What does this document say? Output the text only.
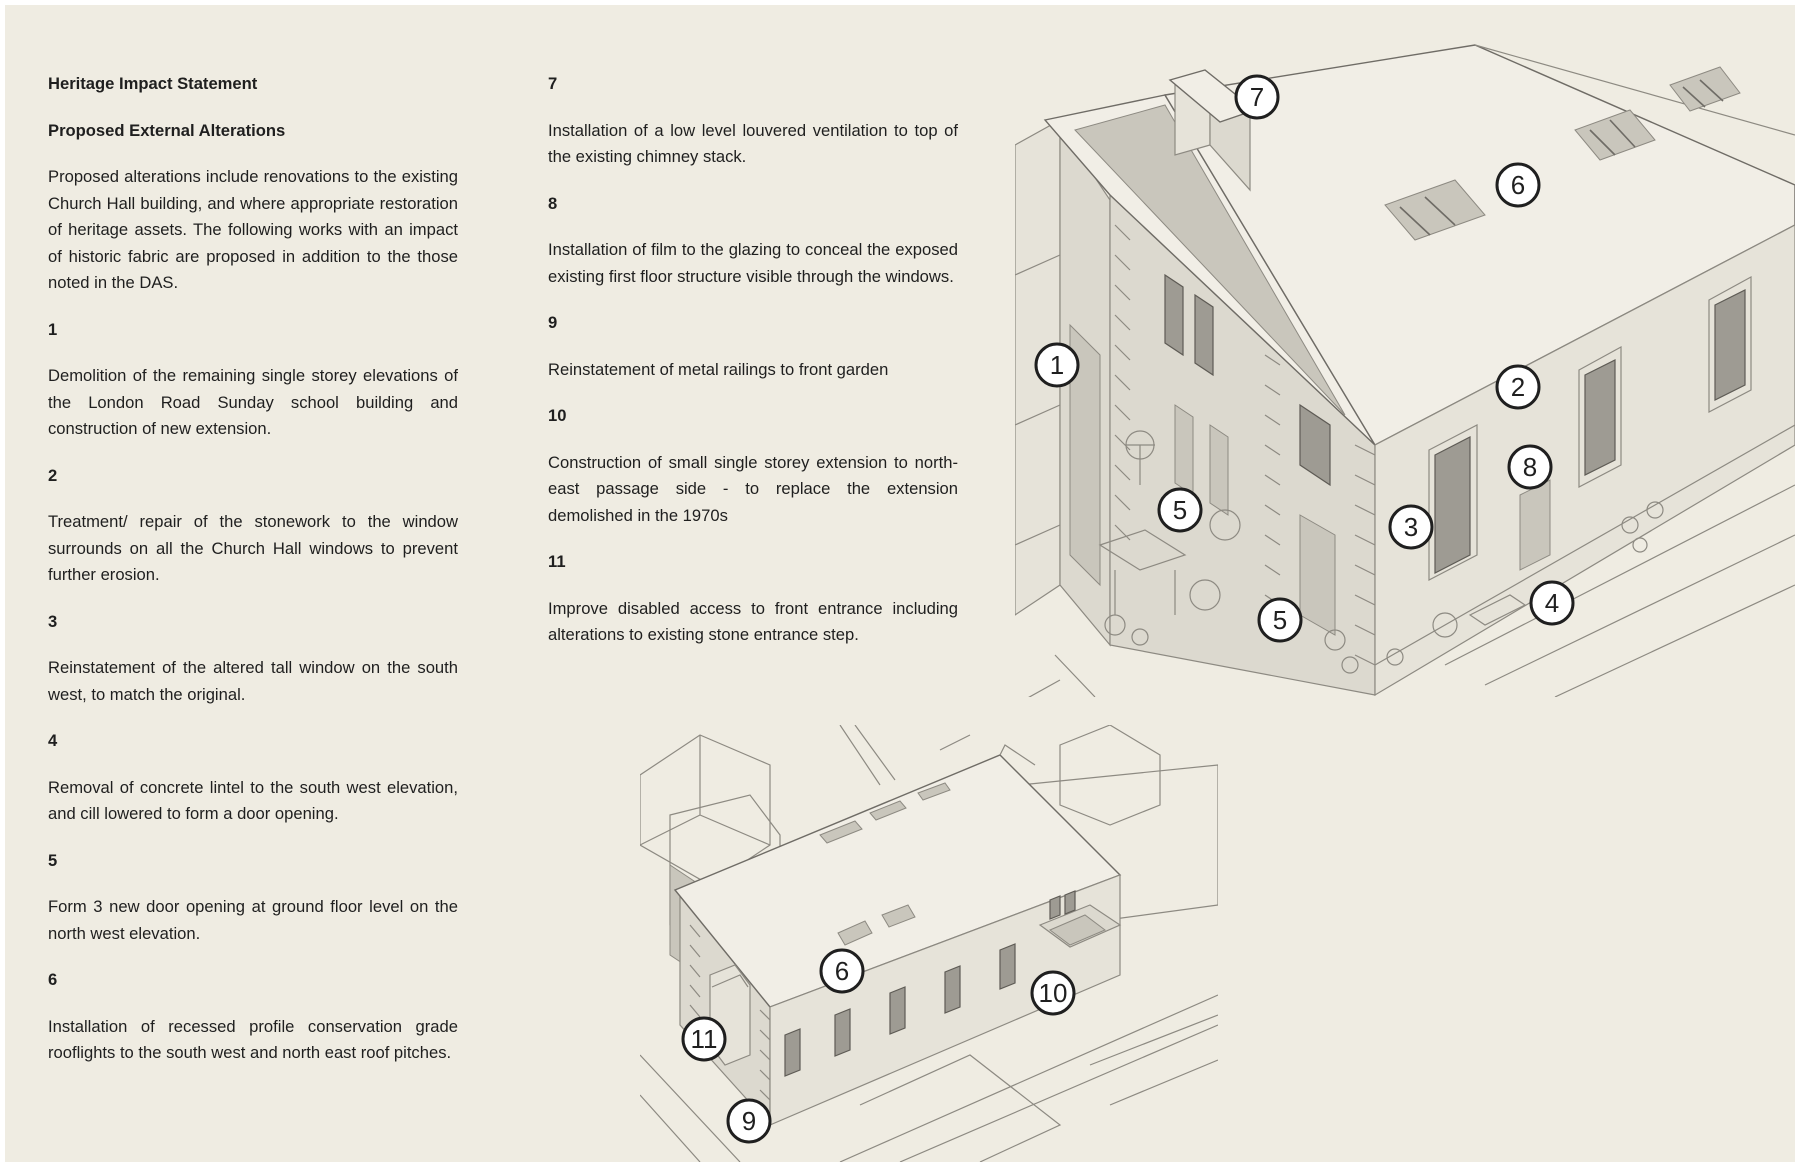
Heritage Impact Statement
Proposed External Alterations
Proposed alterations include renovations to the existing Church Hall building, and where appropriate restoration of heritage assets. The following works with an impact of historic fabric are proposed in addition to the those noted in the DAS.
1
Demolition of the remaining single storey elevations of the London Road Sunday school building and construction of new extension.
2
Treatment/ repair of the stonework to the window surrounds on all the Church Hall windows to prevent further erosion.
3
Reinstatement of the altered tall window on the south west, to match the original.
4
Removal of concrete lintel to the south west elevation, and cill lowered to form a door opening.
5
Form 3 new door opening at ground floor level on the north west elevation.
6
Installation of recessed profile conservation grade rooflights to the south west and north east roof pitches.
7
Installation of a low level louvered ventilation to top of the existing chimney stack.
8
Installation of film to the glazing to conceal the exposed existing first floor structure visible through the windows.
9
Reinstatement of metal railings to front garden
10
Construction of small single storey extension to north-east passage side - to replace the extension demolished in the 1970s
11
Improve disabled access to front entrance including alterations to existing stone entrance step.
7
6
1
2
8
5
3
4
5
6
10
11
9
